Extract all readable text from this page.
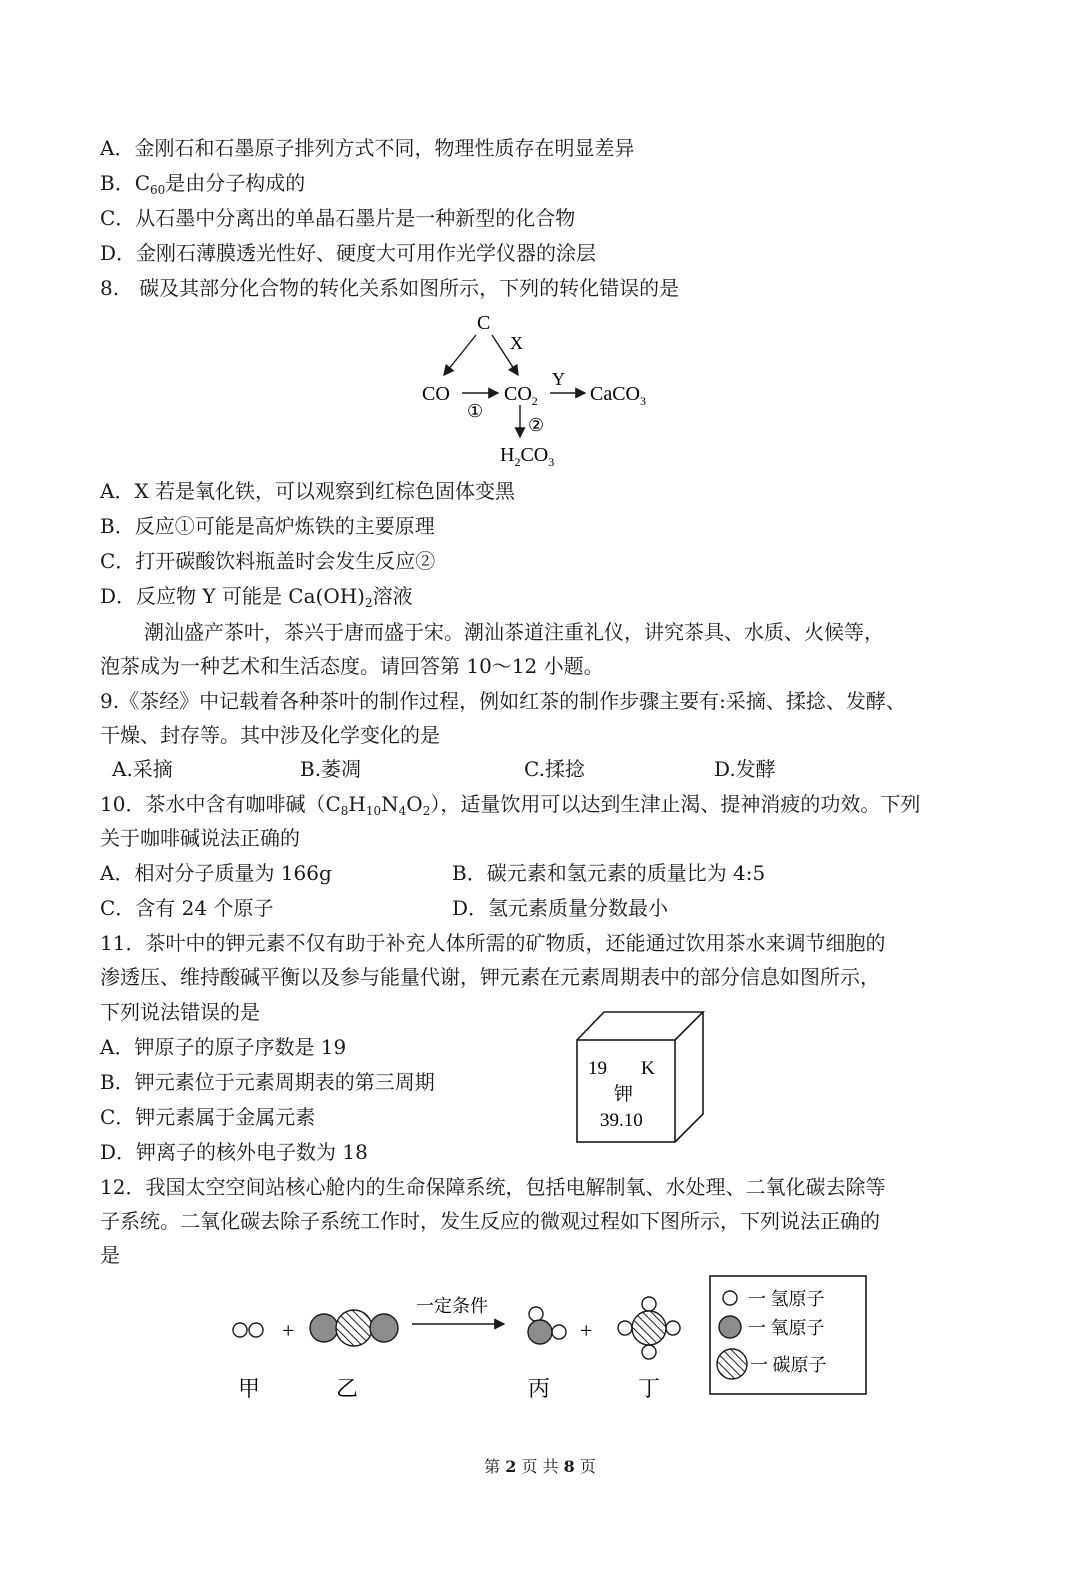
A．金刚石和石墨原子排列方式不同，物理性质存在明显差异
B．$C_{60}$是由分子构成的
C．从石墨中分离出的单晶石墨片是一种新型的化合物
D．金刚石薄膜透光性好、硬度大可用作光学仪器的涂层
8.　碳及其部分化合物的转化关系如图所示，下列的转化错误的是
C
X
CO
①
$CO_2$
Y
CaCO$_3$
②
$H_2CO_3$
A．X 若是氧化铁，可以观察到红棕色固体变黑
B．反应①可能是高炉炼铁的主要原理
C．打开碳酸饮料瓶盖时会发生反应②
D．反应物 Y 可能是 $Ca(OH)_2$溶液
潮汕盛产茶叶，茶兴于唐而盛于宋。潮汕茶道注重礼仪，讲究茶具、水质、火候等，
泡茶成为一种艺术和生活态度。请回答第 10～12 小题。
9.《茶经》中记载着各种茶叶的制作过程，例如红茶的制作步骤主要有:采摘、揉捻、发酵、
干燥、封存等。其中涉及化学变化的是
A.采摘	B.萎凋	C.揉捻	D.发酵
10．茶水中含有咖啡碱$(C_8H_{10}N_4O_2)$，适量饮用可以达到生津止渴、提神消疲的功效。下列
关于咖啡碱说法正确的
A．相对分子质量为 166g	B．碳元素和氢元素的质量比为 4:5
C．含有 24 个原子	D．氢元素质量分数最小
11．茶叶中的钾元素不仅有助于补充人体所需的矿物质，还能通过饮用茶水来调节细胞的
渗透压、维持酸碱平衡以及参与能量代谢，钾元素在元素周期表中的部分信息如图所示，
下列说法错误的是
A．钾原子的原子序数是 19
B．钾元素位于元素周期表的第三周期
C．钾元素属于金属元素
D．钾离子的核外电子数为 18
19 K
钾
39.10
12．我国太空空间站核心舱内的生命保障系统，包括电解制氧、水处理、二氧化碳去除等
子系统。二氧化碳去除子系统工作时，发生反应的微观过程如下图所示，下列说法正确的
是
+
一定条件
+
甲	乙	丙	丁
一 氢原子
一 氧原子
一 碳原子
第 2 页 共 8 页
